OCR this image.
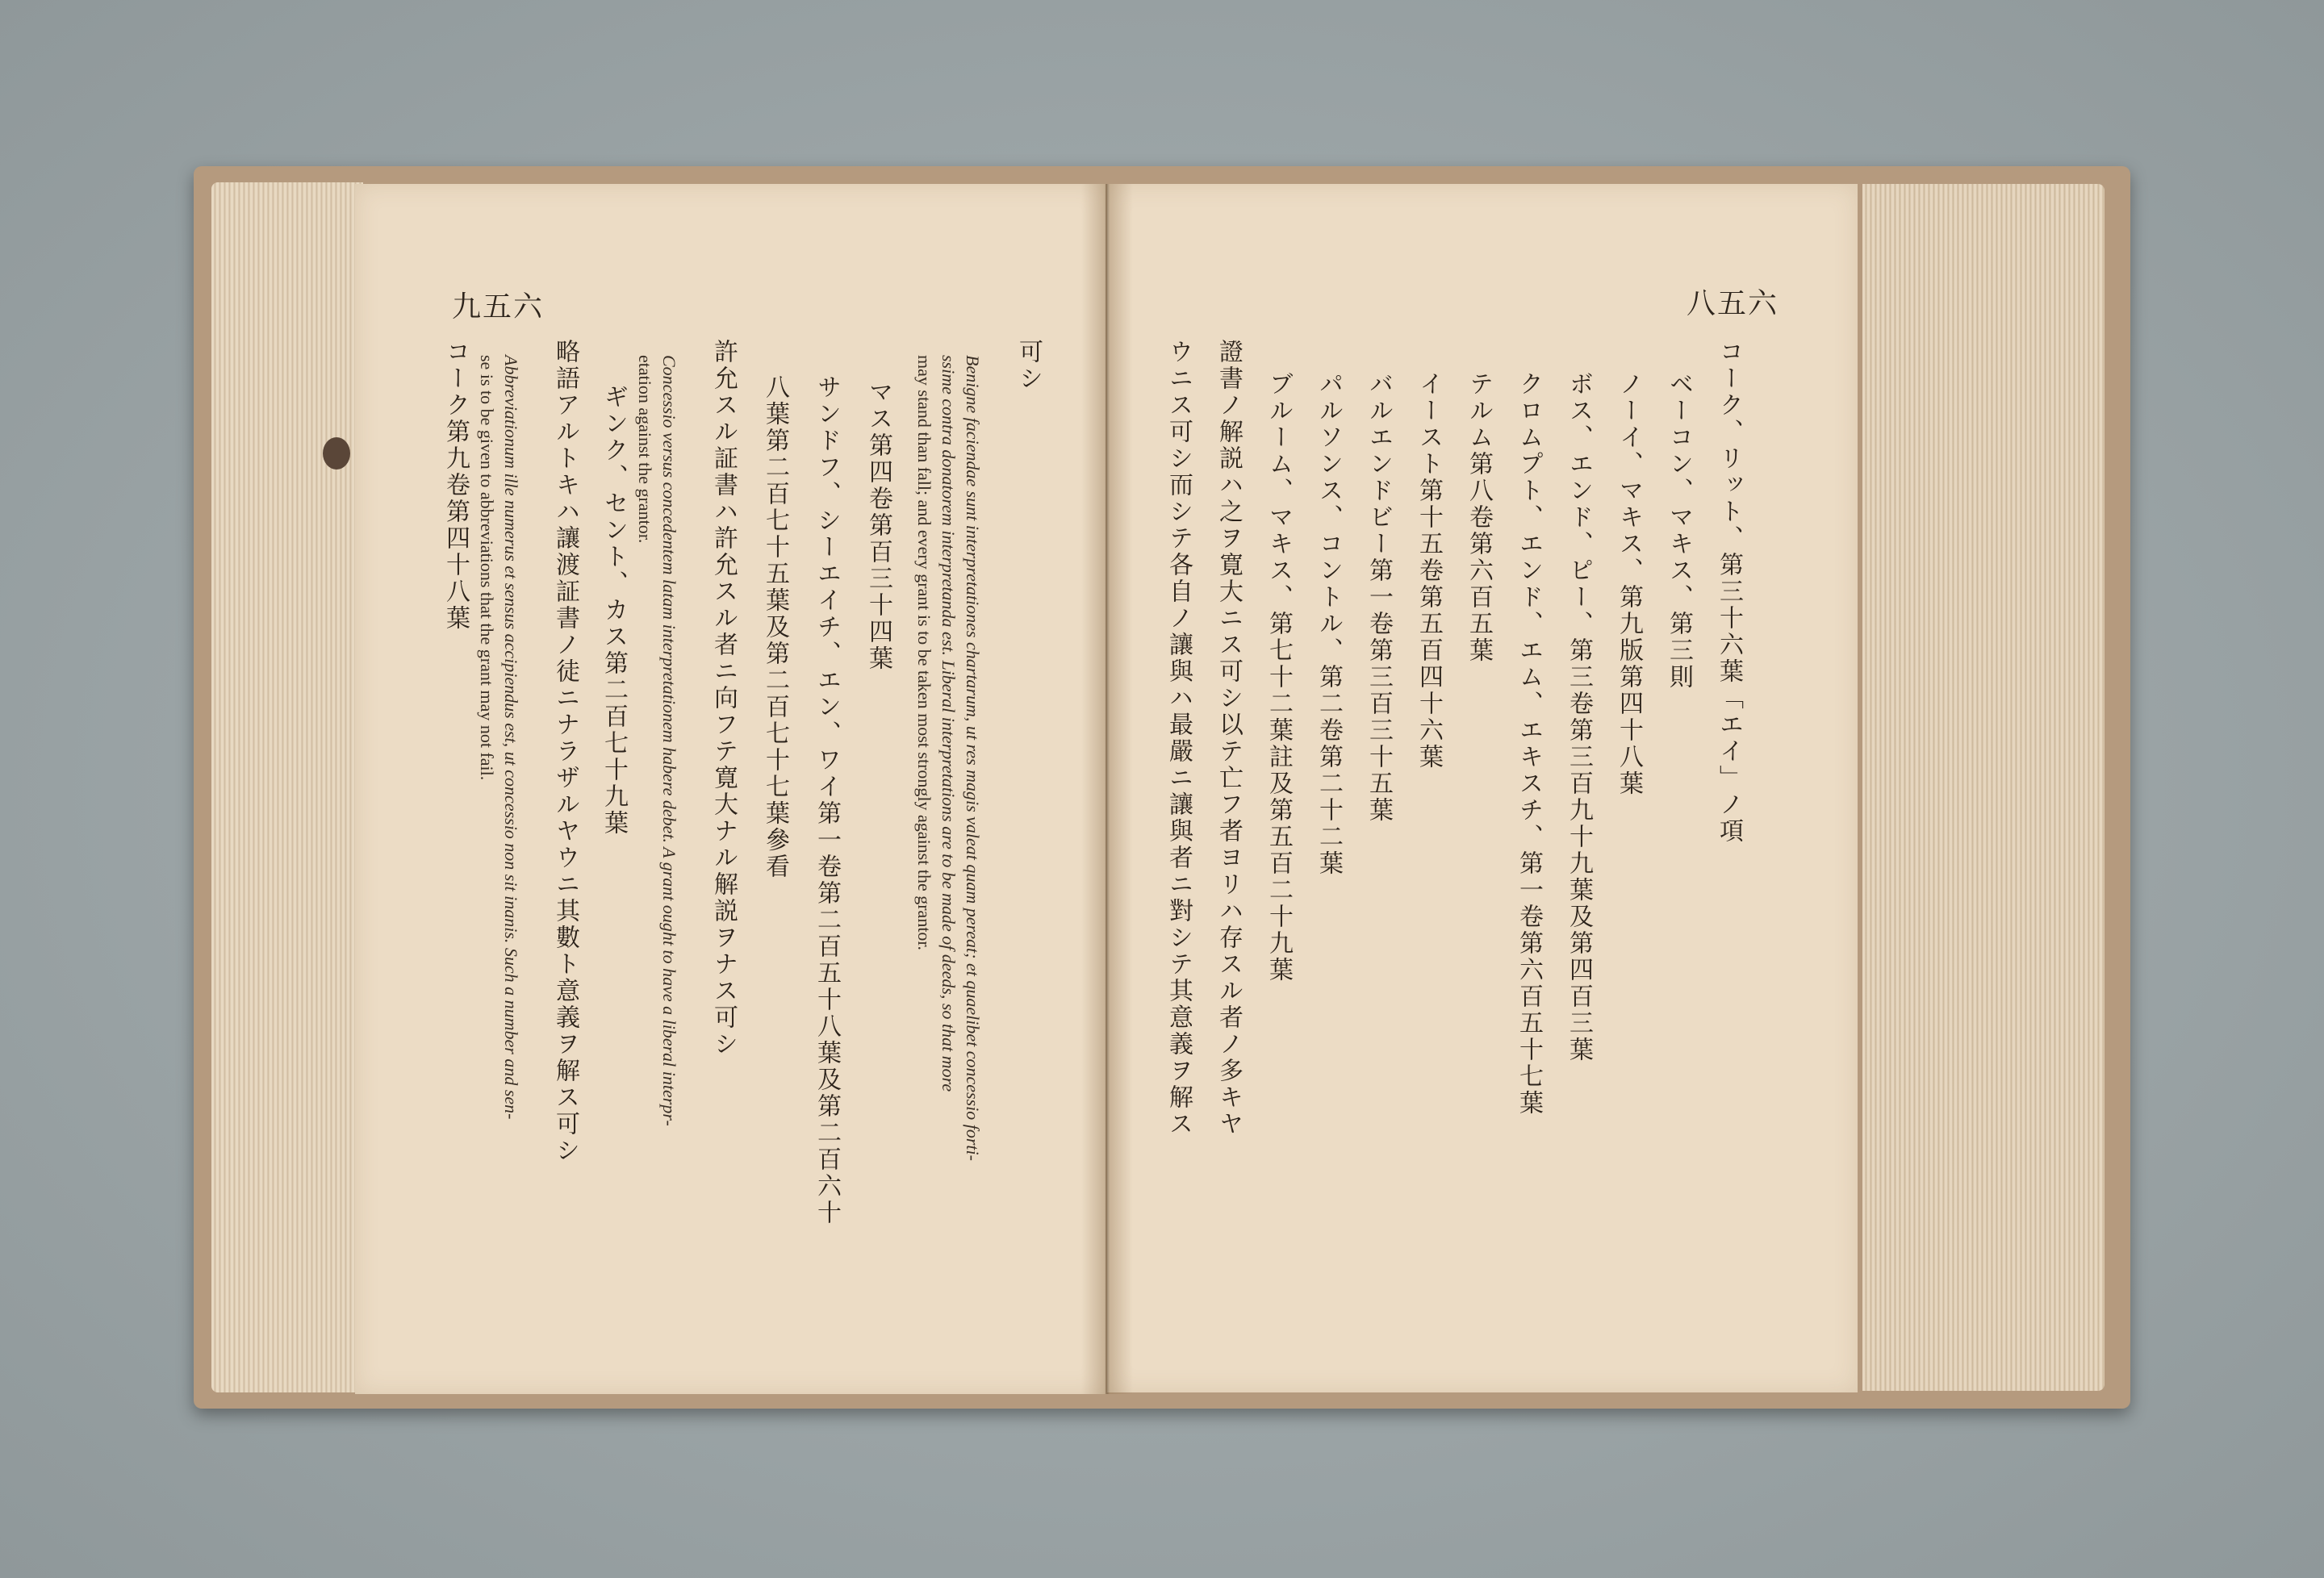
九五六	八五六
可シ
Benigne faciendae sunt interpretationes chartarum, ut res magis valeat quam pereat; et quaelibet concessio forti-
ssime contra donatorem interpretanda est. Liberal interpretations are to be made of deeds, so that more
may stand than fall; and every grant is to be taken most strongly against the grantor.
マス第四卷第百三十四葉
サンドフ、シーエイチ、エン、ワイ第一卷第二百五十八葉及第二百六十
八葉第二百七十五葉及第二百七十七葉參看
許允スル証書ハ許允スル者ニ向フテ寛大ナル解説ヲナス可シ
Concessio versus concedentem latam interpretationem habere debet. A grant ought to have a liberal interpr-
etation against the grantor.
ギンク、セント、カス第二百七十九葉
略語アルトキハ讓渡証書ノ徒ニナラザルヤウニ其數ト意義ヲ解ス可シ
Abbreviationum ille numerus et sensus accipiendus est, ut concessio non sit inanis. Such a number and sen-
se is to be given to abbreviations that the grant may not fail.
コーク第九卷第四十八葉	コーク、リット、第三十六葉「エイ」ノ項
ベーコン、マキス、第三則
ノーイ、マキス、第九版第四十八葉
ボス、エンド、ピー、第三卷第三百九十九葉及第四百三葉
クロムプト、エンド、エム、エキスチ、第一卷第六百五十七葉
テルム第八卷第六百五葉
イースト第十五卷第五百四十六葉
バルエンドビー第一卷第三百三十五葉
パルソンス、コントル、第二卷第二十二葉
ブルーム、マキス、第七十二葉註及第五百二十九葉
證書ノ解説ハ之ヲ寛大ニス可シ以テ亡フ者ヨリハ存スル者ノ多キヤ
ウニス可シ而シテ各自ノ讓與ハ最嚴ニ讓與者ニ對シテ其意義ヲ解ス
